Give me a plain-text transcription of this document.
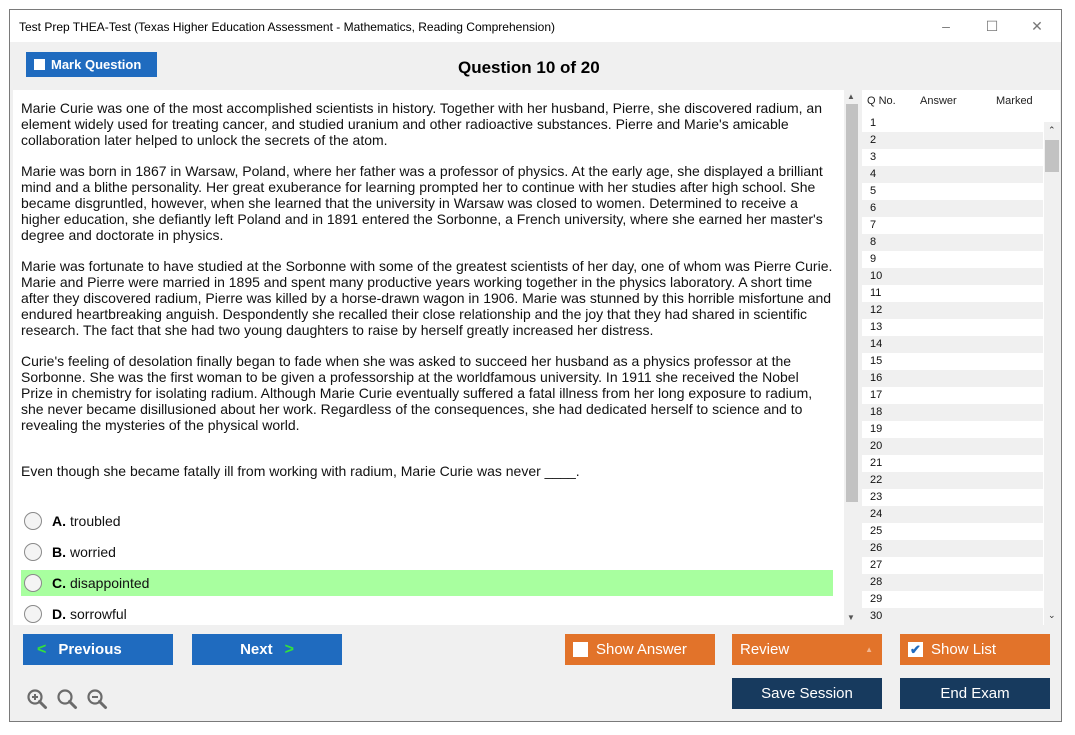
Test Prep THEA-Test (Texas Higher Education Assessment - Mathematics, Reading Comprehension)	–	☐	✕
Mark Question	Question 10 of 20

Marie Curie was one of the most accomplished scientists in history. Together with her husband, Pierre, she discovered radium, an element widely used for treating cancer, and studied uranium and other radioactive substances. Pierre and Marie's amicable collaboration later helped to unlock the secrets of the atom.

Marie was born in 1867 in Warsaw, Poland, where her father was a professor of physics. At the early age, she displayed a brilliant mind and a blithe personality. Her great exuberance for learning prompted her to continue with her studies after high school. She became disgruntled, however, when she learned that the university in Warsaw was closed to women. Determined to receive a higher education, she defiantly left Poland and in 1891 entered the Sorbonne, a French university, where she earned her master's degree and doctorate in physics.

Marie was fortunate to have studied at the Sorbonne with some of the greatest scientists of her day, one of whom was Pierre Curie. Marie and Pierre were married in 1895 and spent many productive years working together in the physics laboratory. A short time after they discovered radium, Pierre was killed by a horse-drawn wagon in 1906. Marie was stunned by this horrible misfortune and endured heartbreaking anguish. Despondently she recalled their close relationship and the joy that they had shared in scientific research. The fact that she had two young daughters to raise by herself greatly increased her distress.

Curie's feeling of desolation finally began to fade when she was asked to succeed her husband as a physics professor at the Sorbonne. She was the first woman to be given a professorship at the worldfamous university. In 1911 she received the Nobel Prize in chemistry for isolating radium. Although Marie Curie eventually suffered a fatal illness from her long exposure to radium, she never became disillusioned about her work. Regardless of the consequences, she had dedicated herself to science and to revealing the mysteries of the physical world.

Even though she became fatally ill from working with radium, Marie Curie was never ____.
A. troubled
B. worried
C. disappointed
D. sorrowful
▲
▼
Q No. Answer	Marked
1
2
3
4
5
6
7
8
9
10
11
12
13
14
15
16
17
18
19
20
21
22
23
24
25
26
27
28
29
30
⌃
⌄
< Previous	Next >	Show Answer	Review	▲	✔ Show List
Save Session	End Exam
